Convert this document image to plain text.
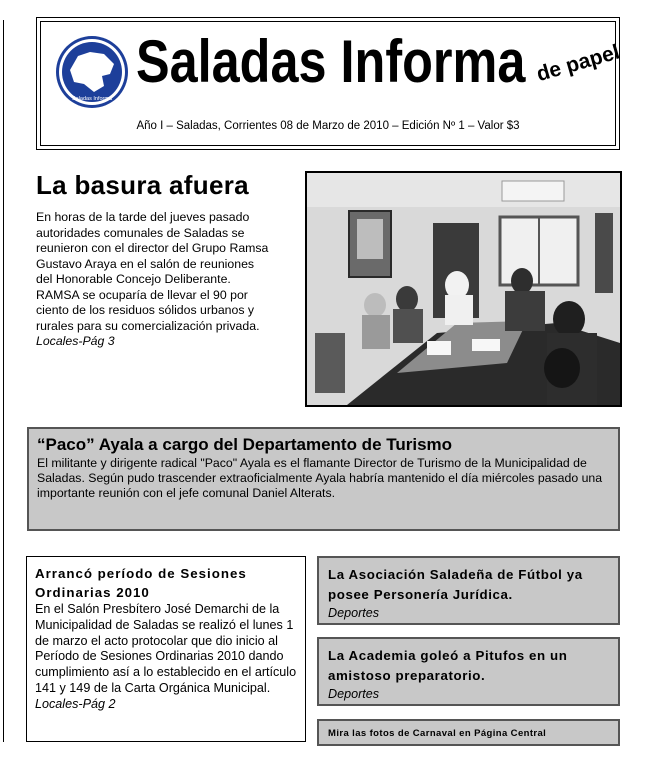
Saladas Informa
Saladas Informa de papel
Año I – Saladas, Corrientes 08 de Marzo de 2010 – Edición Nº 1 – Valor $3
La basura afuera
En horas de la tarde del jueves pasado autoridades comunales de Saladas se reunieron con el director del Grupo Ramsa Gustavo Araya en el salón de reuniones del Honorable Concejo Deliberante. RAMSA se ocuparía de llevar el 90 por ciento de los residuos sólidos urbanos y rurales para su comercialización privada.
Locales-Pág 3
“Paco” Ayala a cargo del Departamento de Turismo
El militante y dirigente radical "Paco" Ayala es el flamante Director de Turismo de la Municipalidad de Saladas. Según pudo trascender extraoficialmente Ayala habría mantenido el día miércoles pasado una importante reunión con el jefe comunal Daniel Alterats.
Arrancó período de Sesiones Ordinarias 2010
En el Salón Presbítero José Demarchi de la Municipalidad de Saladas se realizó el lunes 1 de marzo el acto protocolar que dio inicio al Período de Sesiones Ordinarias 2010 dando cumplimiento así a lo establecido en el artículo 141 y 149 de la Carta Orgánica Municipal. Locales-Pág 2
La Asociación Saladeña de Fútbol ya posee Personería Jurídica.
Deportes
La Academia goleó a Pitufos en un amistoso preparatorio.
Deportes
Mira las fotos de Carnaval en Página Central
